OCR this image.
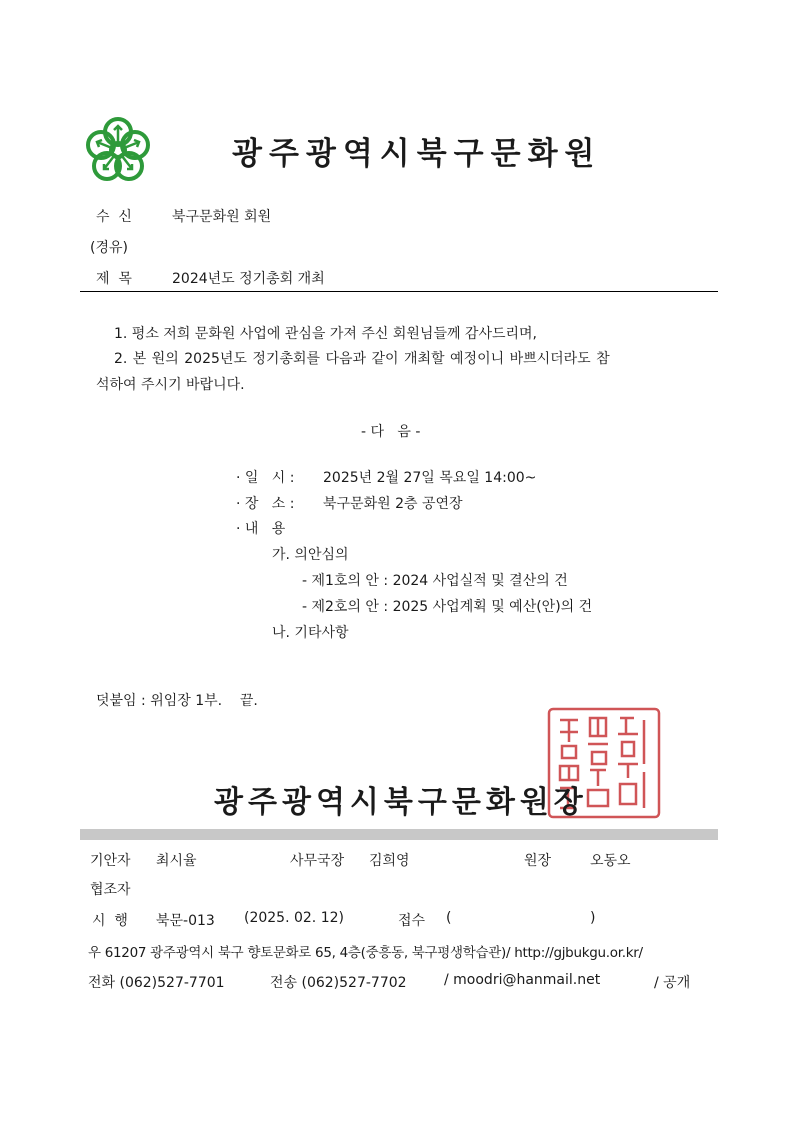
광주광역시북구문화원
수  신	북구문화원 회원
(경유)
제  목	2024년도 정기총회 개최
1. 평소 저희 문화원 사업에 관심을 가져 주신 회원님들께 감사드리며,
2. 본 원의 2025년도 정기총회를 다음과 같이 개최할 예정이니 바쁘시더라도 참
석하여 주시기 바랍니다.
- 다   음 -
· 일   시 : 2025년 2월 27일 목요일 14:00~
· 장   소 : 북구문화원 2층 공연장
· 내   용
가. 의안심의
- 제1호의 안 : 2024 사업실적 및 결산의 건
- 제2호의 안 : 2025 사업계획 및 예산(안)의 건
나. 기타사항
덧붙임 : 위임장 1부.    끝.
광주광역시북구문화원장
기안자 최시율	사무국장 김희영	원장	오동오
협조자
시  행 북문-013 (2025. 02. 12)	접수 (	)
우 61207 광주광역시 북구 향토문화로 65, 4층(중흥동, 북구평생학습관)/ http://gjbukgu.or.kr/
전화 (062)527-7701	전송 (062)527-7702	/ moodri@hanmail.net	/ 공개
